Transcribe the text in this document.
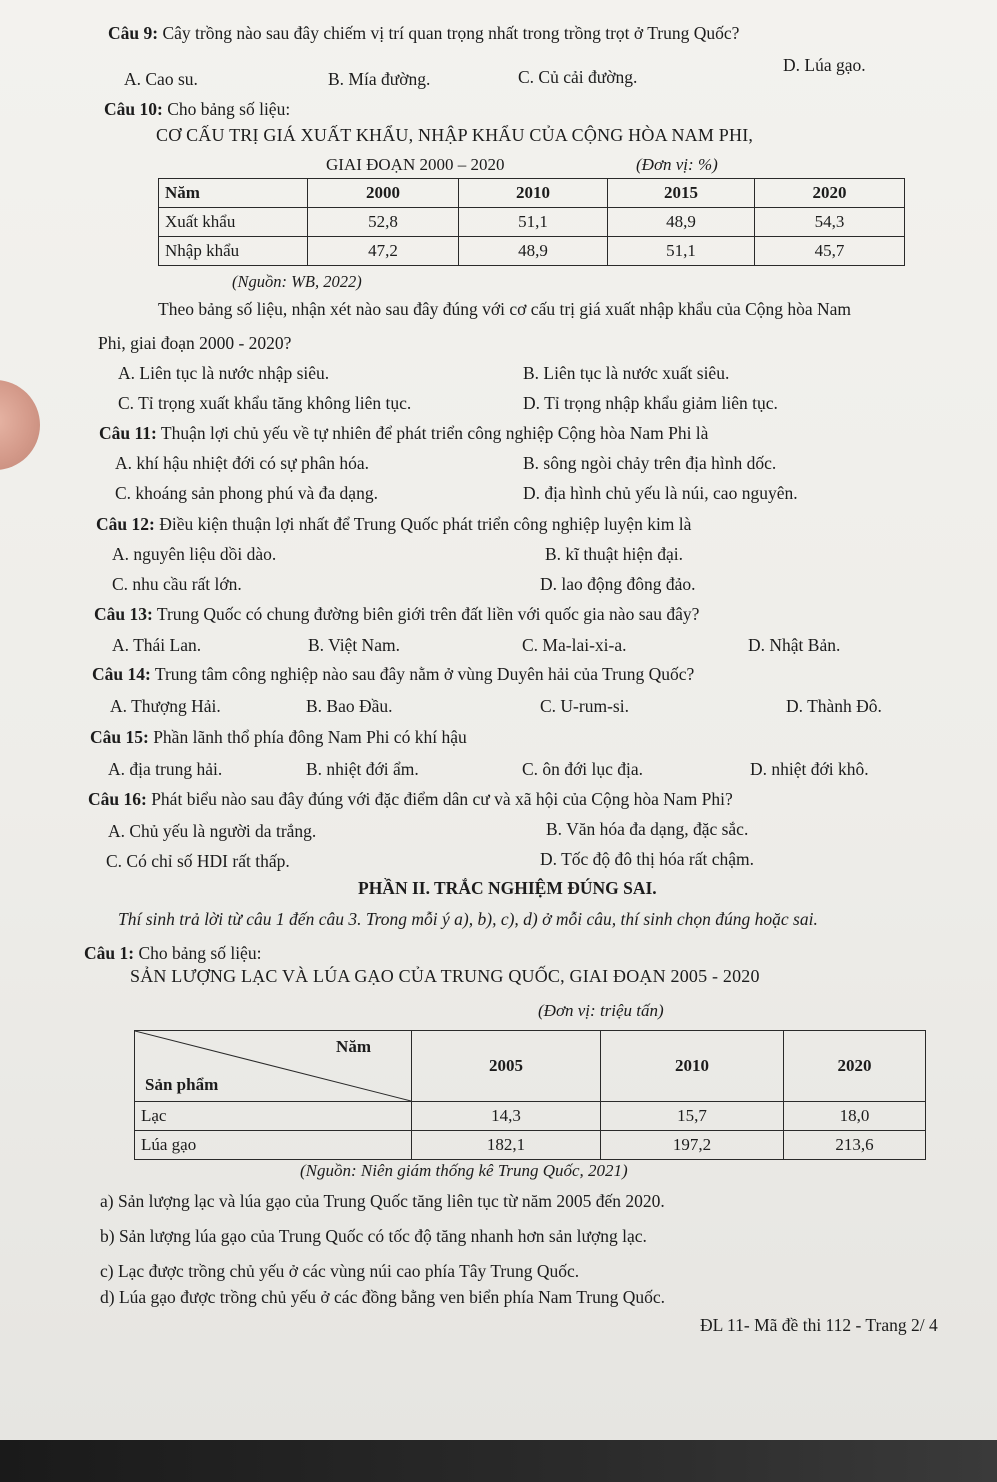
Câu 9: Cây trồng nào sau đây chiếm vị trí quan trọng nhất trong trồng trọt ở Trung Quốc?
A. Cao su.	B. Mía đường.	C. Củ cải đường.
D. Lúa gạo.
Câu 10: Cho bảng số liệu:
CƠ CẤU TRỊ GIÁ XUẤT KHẨU, NHẬP KHẨU CỦA CỘNG HÒA NAM PHI,
GIAI ĐOẠN 2000 – 2020	(Đơn vị: %)
Năm	2000	2010	2015	2020
Xuất khẩu	52,8	51,1	48,9	54,3
Nhập khẩu	47,2	48,9	51,1	45,7
(Nguồn: WB, 2022)
Theo bảng số liệu, nhận xét nào sau đây đúng với cơ cấu trị giá xuất nhập khẩu của Cộng hòa Nam
Phi, giai đoạn 2000 - 2020?
A. Liên tục là nước nhập siêu.	B. Liên tục là nước xuất siêu.
C. Tỉ trọng xuất khẩu tăng không liên tục.	D. Tỉ trọng nhập khẩu giảm liên tục.
Câu 11: Thuận lợi chủ yếu về tự nhiên để phát triển công nghiệp Cộng hòa Nam Phi là
A. khí hậu nhiệt đới có sự phân hóa.	B. sông ngòi chảy trên địa hình dốc.
C. khoáng sản phong phú và đa dạng.	D. địa hình chủ yếu là núi, cao nguyên.
Câu 12: Điều kiện thuận lợi nhất để Trung Quốc phát triển công nghiệp luyện kim là
A. nguyên liệu dồi dào.	B. kĩ thuật hiện đại.
C. nhu cầu rất lớn.	D. lao động đông đảo.
Câu 13: Trung Quốc có chung đường biên giới trên đất liền với quốc gia nào sau đây?
A. Thái Lan.	B. Việt Nam.	C. Ma-lai-xi-a.	D. Nhật Bản.
Câu 14: Trung tâm công nghiệp nào sau đây nằm ở vùng Duyên hải của Trung Quốc?
A. Thượng Hải.	B. Bao Đầu.	C. U-rum-si.	D. Thành Đô.
Câu 15: Phần lãnh thổ phía đông Nam Phi có khí hậu
A. địa trung hải.	B. nhiệt đới ẩm.	C. ôn đới lục địa.	D. nhiệt đới khô.
Câu 16: Phát biểu nào sau đây đúng với đặc điểm dân cư và xã hội của Cộng hòa Nam Phi?
A. Chủ yếu là người da trắng.	B. Văn hóa đa dạng, đặc sắc.
C. Có chỉ số HDI rất thấp.	D. Tốc độ đô thị hóa rất chậm.
PHẦN II. TRẮC NGHIỆM ĐÚNG SAI.
Thí sinh trả lời từ câu 1 đến câu 3. Trong mỗi ý a), b), c), d) ở mỗi câu, thí sinh chọn đúng hoặc sai.
Câu 1: Cho bảng số liệu:
SẢN LƯỢNG LẠC VÀ LÚA GẠO CỦA TRUNG QUỐC, GIAI ĐOẠN 2005 - 2020
(Đơn vị: triệu tấn)
Năm
Sản phẩm	2005	2010	2020
Lạc	14,3	15,7	18,0
Lúa gạo	182,1	197,2	213,6
(Nguồn: Niên giám thống kê Trung Quốc, 2021)
a) Sản lượng lạc và lúa gạo của Trung Quốc tăng liên tục từ năm 2005 đến 2020.
b) Sản lượng lúa gạo của Trung Quốc có tốc độ tăng nhanh hơn sản lượng lạc.
c) Lạc được trồng chủ yếu ở các vùng núi cao phía Tây Trung Quốc.
d) Lúa gạo được trồng chủ yếu ở các đồng bằng ven biển phía Nam Trung Quốc.
ĐL 11- Mã đề thi 112 - Trang 2/ 4
